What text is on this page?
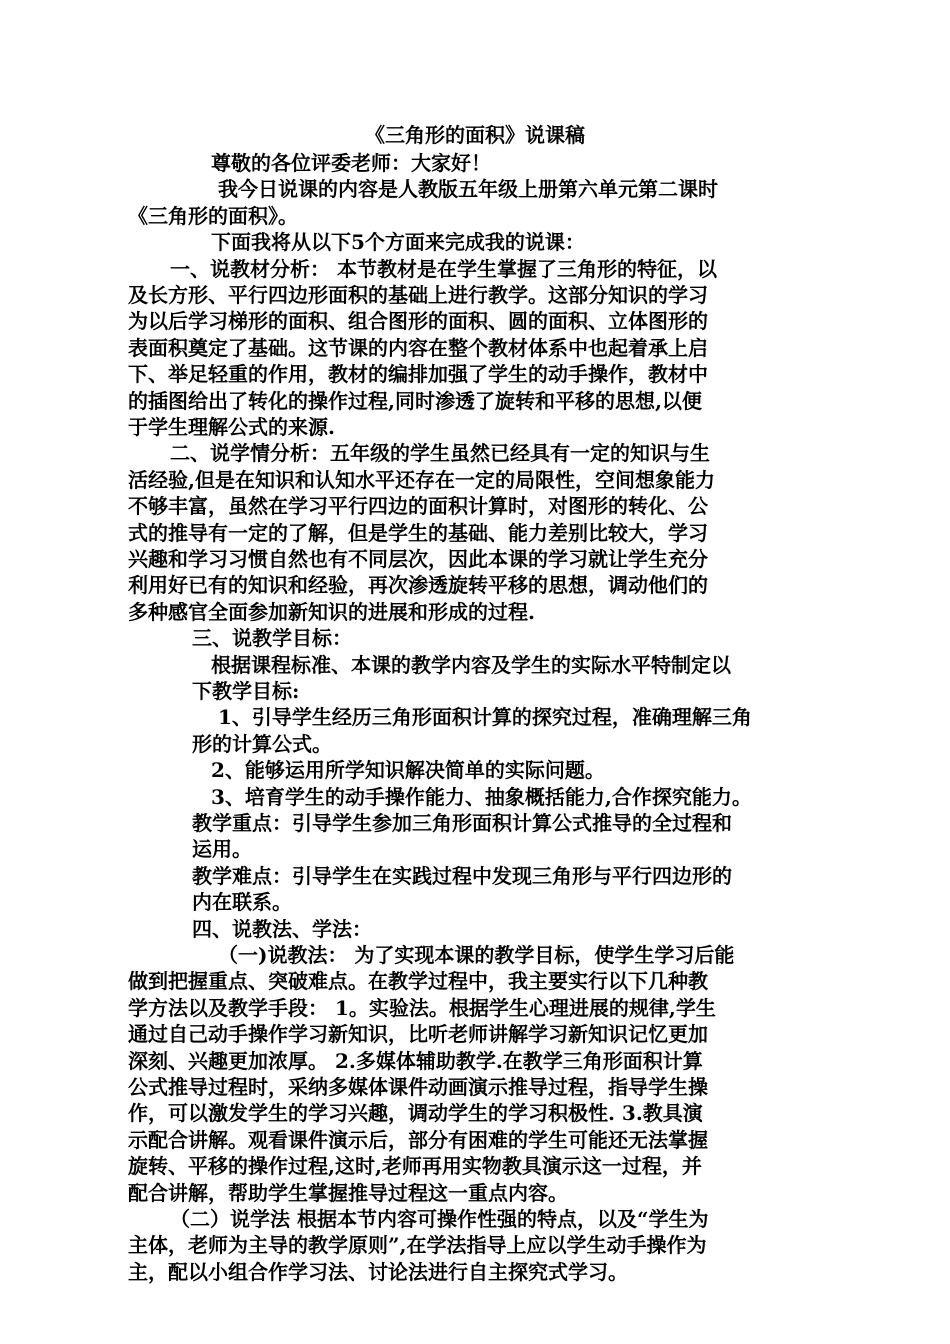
《三角形的面积》说课稿

尊敬的各位评委老师：大家好！

我今日说课的内容是人教版五年级上册第六单元第二课时

《三角形的面积》。

下面我将从以下5个方面来完成我的说课：

一、说教材分析： 本节教材是在学生掌握了三角形的特征，以

及长方形、平行四边形面积的基础上进行教学。这部分知识的学习

为以后学习梯形的面积、组合图形的面积、圆的面积、立体图形的

表面积奠定了基础。这节课的内容在整个教材体系中也起着承上启

下、举足轻重的作用，教材的编排加强了学生的动手操作，教材中

的插图给出了转化的操作过程,同时渗透了旋转和平移的思想,以便

于学生理解公式的来源.

二、说学情分析：五年级的学生虽然已经具有一定的知识与生

活经验,但是在知识和认知水平还存在一定的局限性，空间想象能力

不够丰富，虽然在学习平行四边的面积计算时，对图形的转化、公

式的推导有一定的了解，但是学生的基础、能力差别比较大，学习

兴趣和学习习惯自然也有不同层次，因此本课的学习就让学生充分

利用好已有的知识和经验，再次渗透旋转平移的思想，调动他们的

多种感官全面参加新知识的进展和形成的过程.

三、说教学目标：

根据课程标准、本课的教学内容及学生的实际水平特制定以

下教学目标:

1、引导学生经历三角形面积计算的探究过程，准确理解三角

形的计算公式。

2、能够运用所学知识解决简单的实际问题。

3、培育学生的动手操作能力、抽象概括能力,合作探究能力。

教学重点：引导学生参加三角形面积计算公式推导的全过程和

运用。

教学难点：引导学生在实践过程中发现三角形与平行四边形的

内在联系。

四、说教法、学法：

（一)说教法： 为了实现本课的教学目标，使学生学习后能

做到把握重点、突破难点。在教学过程中，我主要实行以下几种教

学方法以及教学手段： 1。实验法。根据学生心理进展的规律,学生

通过自己动手操作学习新知识，比听老师讲解学习新知识记忆更加

深刻、兴趣更加浓厚。 2.多媒体辅助教学.在教学三角形面积计算

公式推导过程时，采纳多媒体课件动画演示推导过程，指导学生操

作，可以激发学生的学习兴趣，调动学生的学习积极性. 3.教具演

示配合讲解。观看课件演示后，部分有困难的学生可能还无法掌握

旋转、平移的操作过程,这时,老师再用实物教具演示这一过程，并

配合讲解，帮助学生掌握推导过程这一重点内容。

（二）说学法 根据本节内容可操作性强的特点，以及“学生为

主体，老师为主导的教学原则”,在学法指导上应以学生动手操作为

主，配以小组合作学习法、讨论法进行自主探究式学习。
